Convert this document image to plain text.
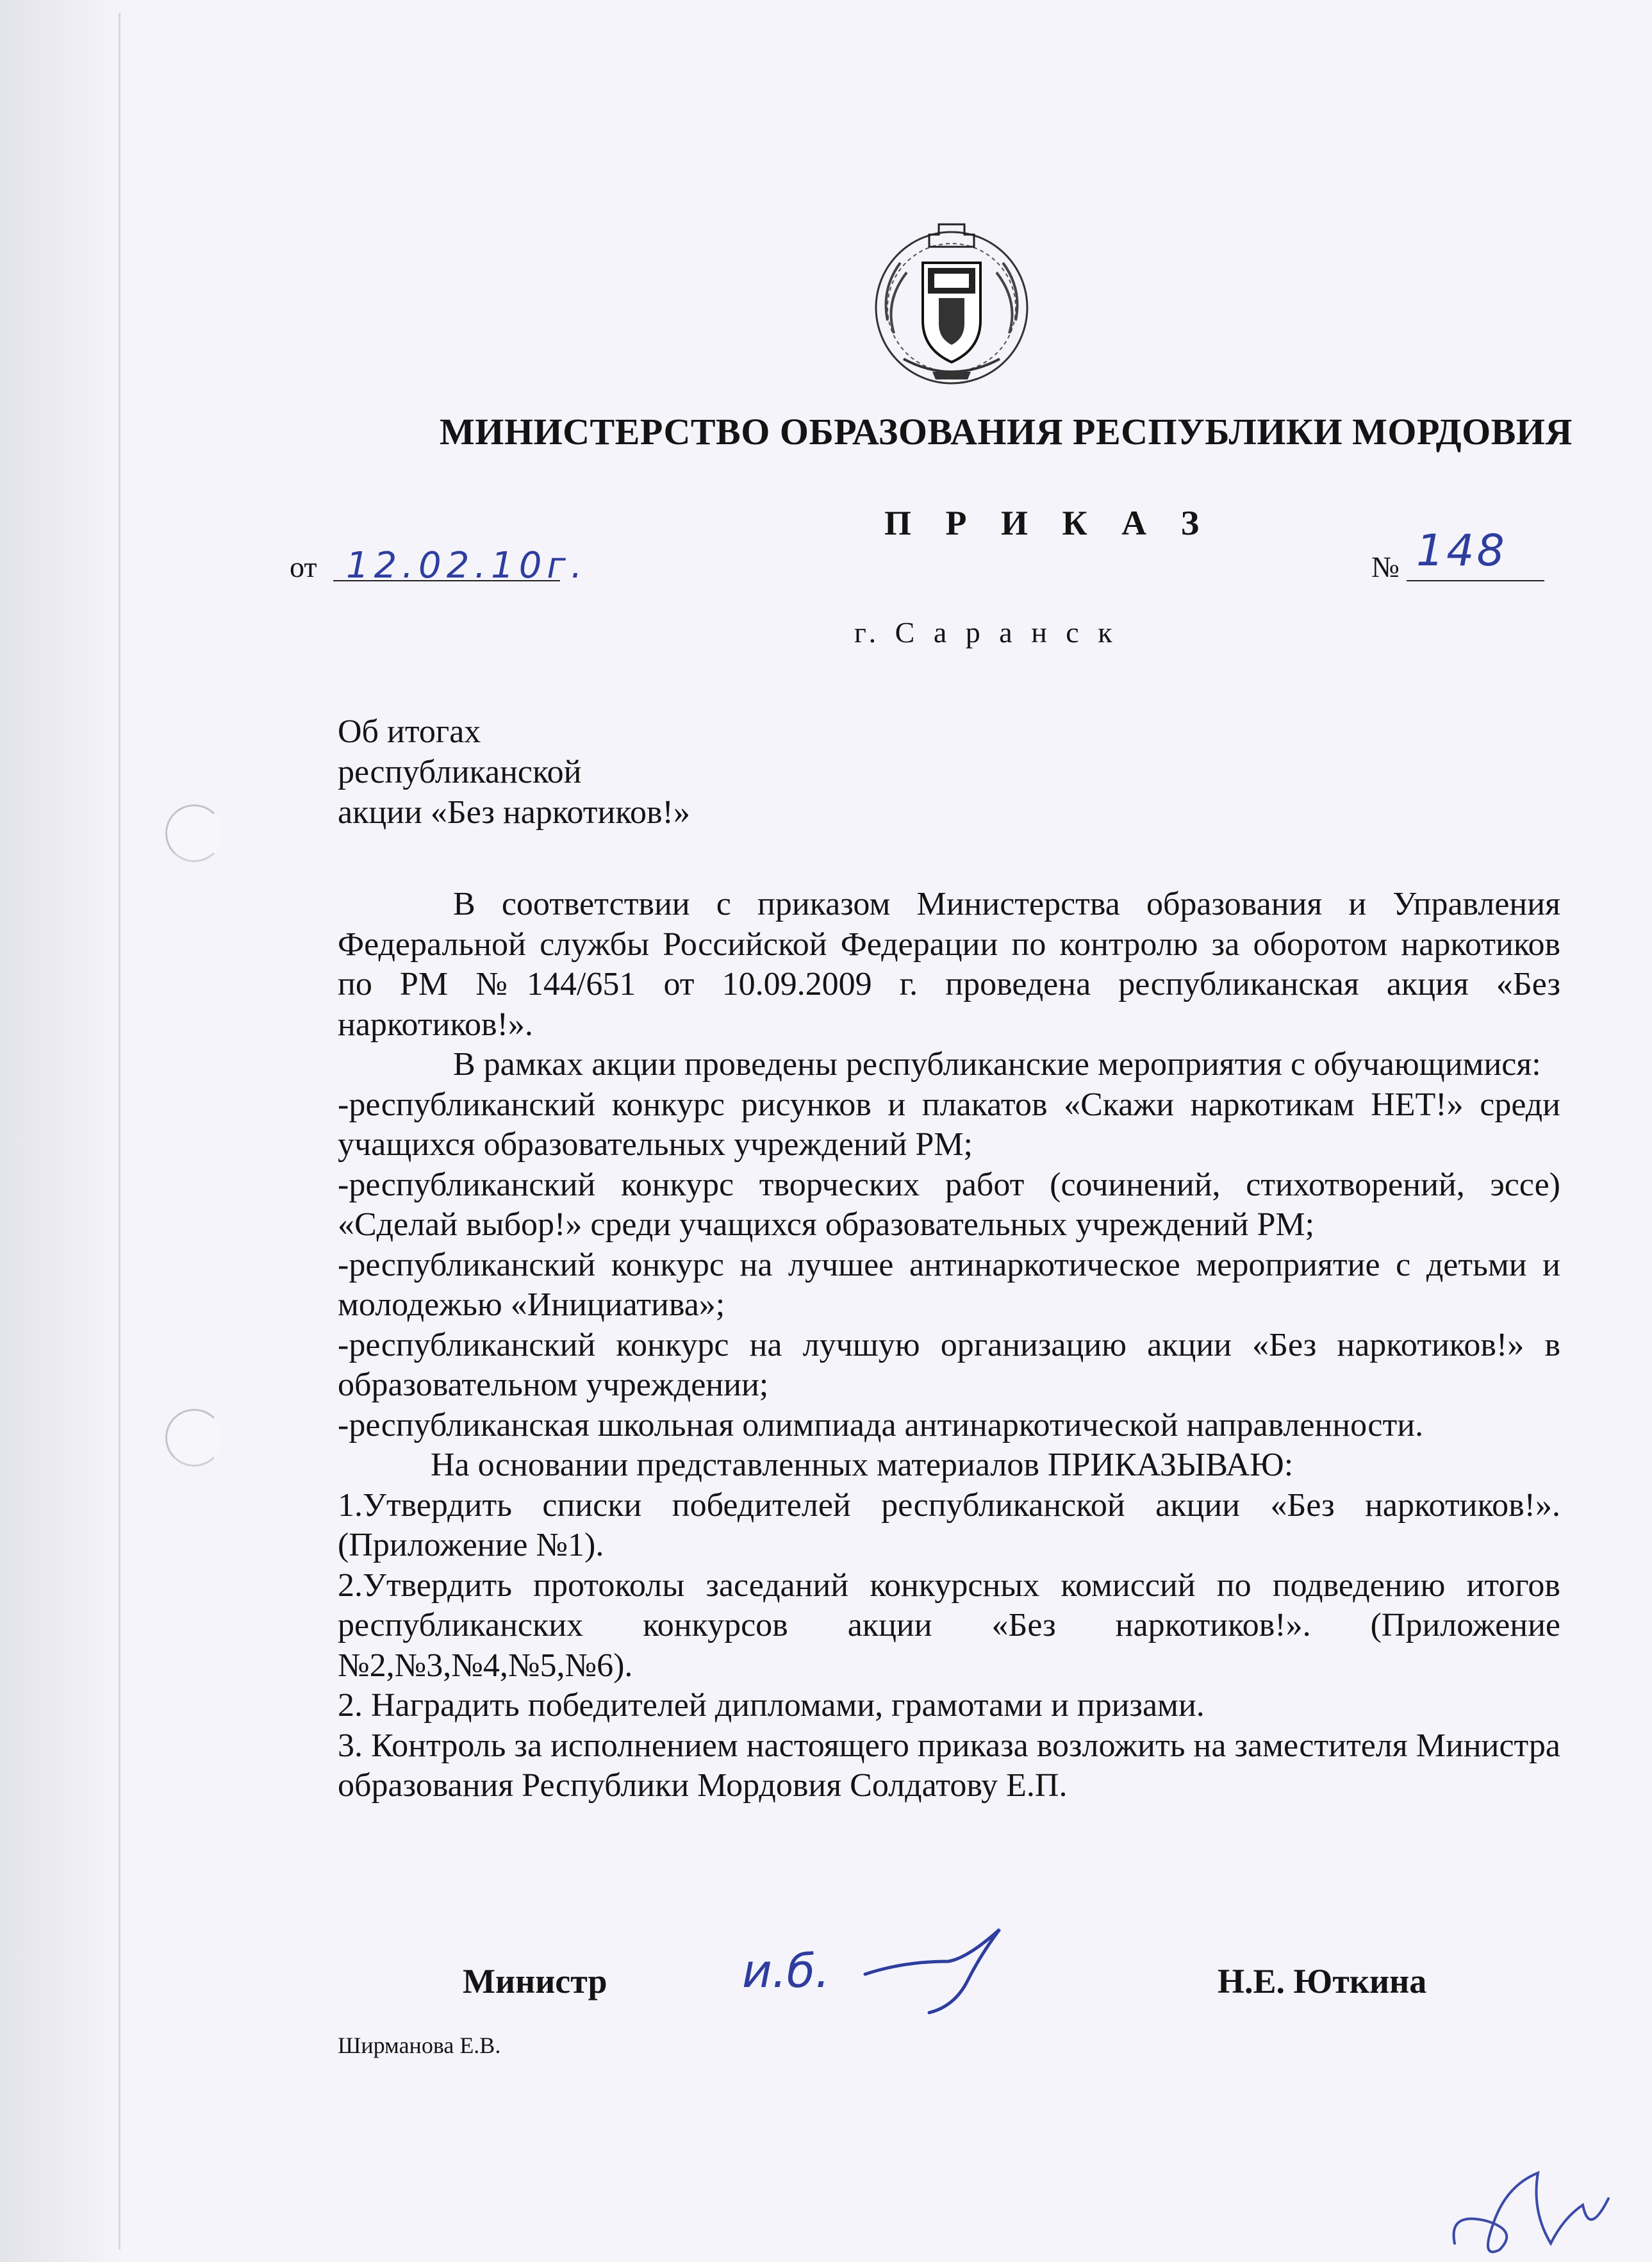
МИНИСТЕРСТВО ОБРАЗОВАНИЯ РЕСПУБЛИКИ МОРДОВИЯ
П Р И К А З
от 12.02.10г.	№ 148
г. С а р а н с к
Об итогах
республиканской
акции «Без наркотиков!»

В соответствии с приказом Министерства образования и Управления Федеральной службы Российской Федерации по контролю за оборотом наркотиков по РМ №144/651 от 10.09.2009 г. проведена республиканская акция «Без наркотиков!».

В рамках акции проведены республиканские мероприятия с обучающимися:

-республиканский конкурс рисунков и плакатов «Скажи наркотикам НЕТ!» среди учащихся образовательных учреждений РМ;

-республиканский конкурс творческих работ (сочинений, стихотворений, эссе) «Сделай выбор!» среди учащихся образовательных учреждений РМ;

-республиканский конкурс на лучшее антинаркотическое мероприятие с детьми и молодежью «Инициатива»;

-республиканский конкурс на лучшую организацию акции «Без наркотиков!» в образовательном учреждении;

-республиканская школьная олимпиада антинаркотической направленности.

На основании представленных материалов ПРИКАЗЫВАЮ:

1.Утвердить списки победителей республиканской акции «Без наркотиков!». (Приложение №1).

2.Утвердить протоколы заседаний конкурсных комиссий по подведению итогов республиканских конкурсов акции «Без наркотиков!». (Приложение №2,№3,№4,№5,№6).

2. Наградить победителей дипломами, грамотами и призами.

3. Контроль за исполнением настоящего приказа возложить на заместителя Министра образования Республики Мордовия Солдатову Е.П.

Министр	и.б.	Н.Е. Юткина
Ширманова Е.В.
